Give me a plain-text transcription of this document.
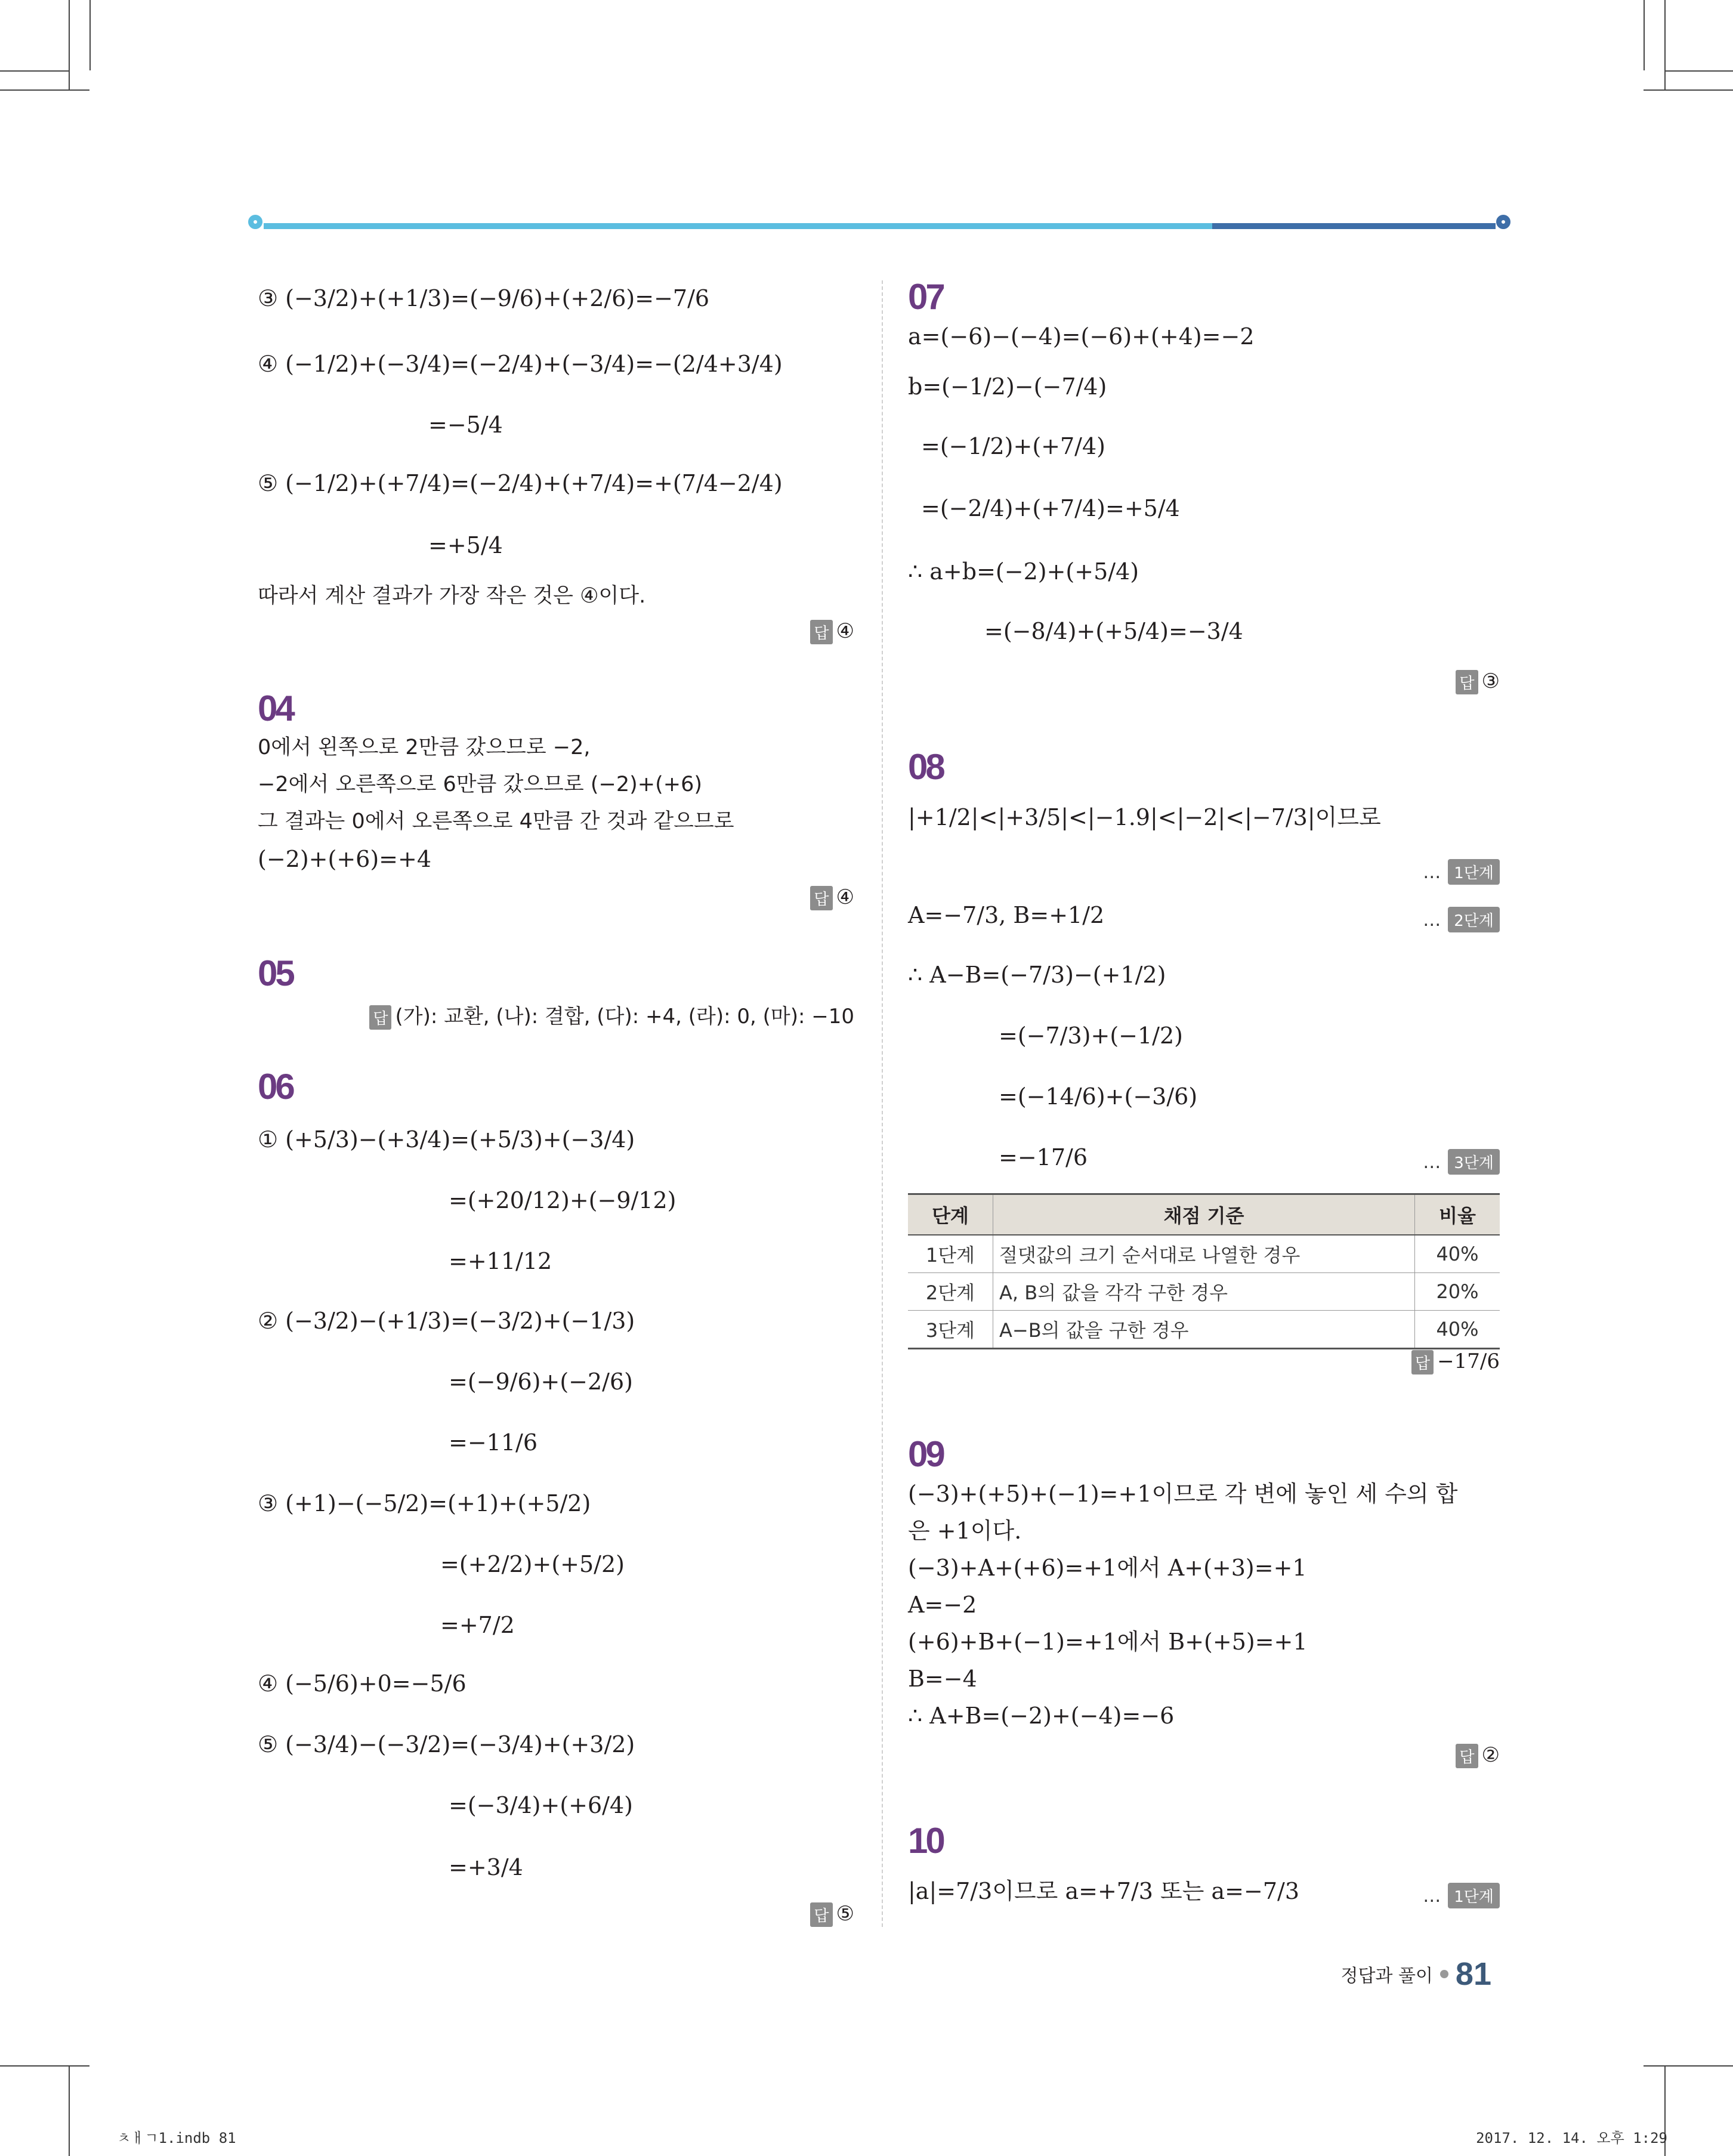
③ (−3/2)+(+1/3)=(−9/6)+(+2/6)=−7/6
④ (−1/2)+(−3/4)=(−2/4)+(−3/4)=−(2/4+3/4)
=−5/4
⑤ (−1/2)+(+7/4)=(−2/4)+(+7/4)=+(7/4−2/4)
=+5/4
따라서 계산 결과가 가장 작은 것은 ④이다.
답 ④
04
0에서 왼쪽으로 2만큼 갔으므로 −2,
−2에서 오른쪽으로 6만큼 갔으므로 (−2)+(+6)
그 결과는 0에서 오른쪽으로 4만큼 간 것과 같으므로
(−2)+(+6)=+4
답 ④
05
답 (가): 교환, (나): 결합, (다): +4, (라): 0, (마): −10
06
① (+5/3)−(+3/4)=(+5/3)+(−3/4)
=(+20/12)+(−9/12)
=+11/12
② (−3/2)−(+1/3)=(−3/2)+(−1/3)
=(−9/6)+(−2/6)
=−11/6
③ (+1)−(−5/2)=(+1)+(+5/2)
=(+2/2)+(+5/2)
=+7/2
④ (−5/6)+0=−5/6
⑤ (−3/4)−(−3/2)=(−3/4)+(+3/2)
=(−3/4)+(+6/4)
=+3/4
답 ⑤
07
a=(−6)−(−4)=(−6)+(+4)=−2
b=(−1/2)−(−7/4)
=(−1/2)+(+7/4)
=(−2/4)+(+7/4)=+5/4
∴ a+b=(−2)+(+5/4)
=(−8/4)+(+5/4)=−3/4
답 ③
08
|+1/2|<|+3/5|<|−1.9|<|−2|<|−7/3|이므로
… 1단계
A=−7/3, B=+1/2	… 2단계
∴ A−B=(−7/3)−(+1/2)
=(−7/3)+(−1/2)
=(−14/6)+(−3/6)
=−17/6	… 3단계
단계	채점 기준	비율
1단계	절댓값의 크기 순서대로 나열한 경우	40%
2단계	A, B의 값을 각각 구한 경우	20%
3단계	A−B의 값을 구한 경우	40%
답 −17/6
09
(−3)+(+5)+(−1)=+1이므로 각 변에 놓인 세 수의 합
은 +1이다.
(−3)+A+(+6)=+1에서 A+(+3)=+1
A=−2
(+6)+B+(−1)=+1에서 B+(+5)=+1
B=−4
∴ A+B=(−2)+(−4)=−6
답 ②
10
|a|=7/3이므로 a=+7/3 또는 a=−7/3	… 1단계
정답과 풀이 81
ㅊㅐㄱ1.indb 81	2017. 12. 14. 오후 1:29
